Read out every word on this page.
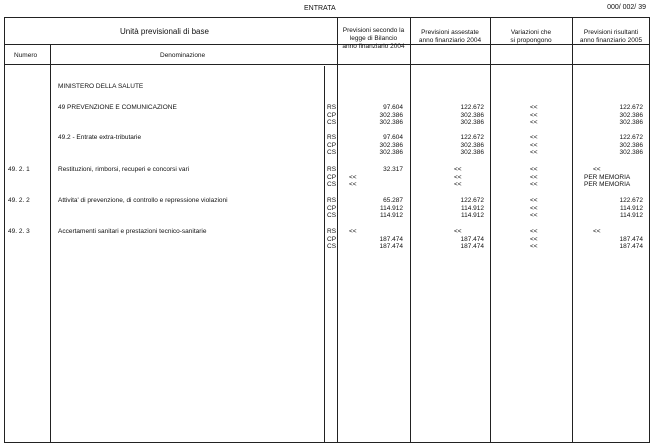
ENTRATA	000/ 002/ 39
Unità previsionali di base
Numero	Denominazione
Previsioni secondo la
legge di Bilancio
anno finanziario 2004
Previsioni assestate
anno finanziario 2004
Variazioni che
si propongono
Previsioni risultanti
anno finanziario 2005
MINISTERO DELLA SALUTE
49 PREVENZIONE E COMUNICAZIONE	RS	97.604	122.672	<<	122.672
CP	302.386	302.386	<<	302.386
CS	302.386	302.386	<<	302.386
49.2 - Entrate extra-tributarie	RS	97.604	122.672	<<	122.672
CP	302.386	302.386	<<	302.386
CS	302.386	302.386	<<	302.386
49. 2. 1	Restituzioni, rimborsi, recuperi e concorsi vari	RS	32.317	<<	<<	<<
CP <<	<<	<<	PER MEMORIA
CS <<	<<	<<	PER MEMORIA
49. 2. 2	Attivita' di prevenzione, di controllo e repressione violazioni	RS	65.287	122.672	<<	122.672
CP	114.912	114.912	<<	114.912
CS	114.912	114.912	<<	114.912
49. 2. 3	Accertamenti sanitari e prestazioni tecnico-sanitarie	RS <<	<<	<<	<<
CP	187.474	187.474	<<	187.474
CS	187.474	187.474	<<	187.474
